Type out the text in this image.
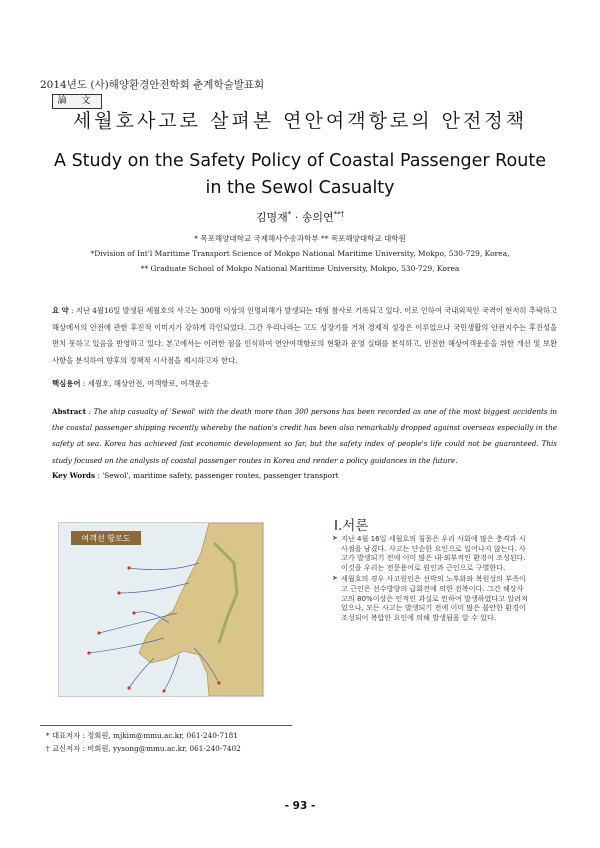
2014년도 (사)해양환경안전학회 춘계학술발표회
論 文
세월호사고로 살펴본 연안여객항로의 안전정책
A Study on the Safety Policy of Coastal Passenger Route
in the Sewol Casualty
김명재* · 송의연**†
* 목포해양대학교 국제해사수송과학부 ** 목포해양대학교 대학원
*Division of Int'l Maritime Transport Science of Mokpo National Maritime University, Mokpo, 530-729, Korea,
** Graduate School of Mokpo National Maritime University, Mokpo, 530-729, Korea
요 약 : 지난 4월16일 발생된 세월호의 사고는 300명 이상의 인명피해가 발생되는 대형 참사로 기록되고 있다. 이로 인하여 국내외적인 국격이 현저히 추락하고 해상에서의 안전에 관한 후진적 이미지가 강하게 각인되었다. 그간 우리나라는 고도 성장기를 거쳐 경제적 성장은 이루었으나 국민생활의 안전지수는 후진성을 면치 못하고 있음을 반영하고 있다. 본고에서는 이러한 점을 인식하여 연안여객항로의 현황과 운영 실태를 분석하고, 안전한 해상여객운송을 위한 개선 및 보완 사항을 분석하여 향후의 정책적 시사점을 제시하고자 한다.
핵심용어 : 세월호, 해상안전, 여객항로, 여객운송
Abstract : The ship casualty of 'Sewol' with the death more than 300 persons has been recorded as one of the most biggest accidents in the coastal passenger shipping recently whereby the nation's credit has been also remarkably dropped against overseas especially in the safety at sea. Korea has achieved fast economic development so far, but the safety index of people's life could not be guaranteed. This study focused on the analysis of coastal passenger routes in Korea and render a policy guidances in the future.
Key Words : 'Sewol', maritime safety, passenger routes, passenger transport
여객선 항로도
Ⅰ.서론
➤ 지난 4월 16일 세월호의 침몰은 우리 사회에 많은 충격과 시사점을 남겼다. 사고는 단순한 요인으로 일어나지 않는다. 사고가 발생되기 전에 이미 많은 내·외부적인 환경이 조성된다. 이것을 우리는 전문용어로 원인과 근인으로 구별한다.
➤ 세월호의 경우 사고원인은 선박의 노후화와 복원성의 부족이고 근인은 선수방향의 급회전에 의한 전복이다. 그간 해상사고의 80%이상은 인적인 과실로 인하여 발생하였다고 알려져 있으나, 모든 사고는 발생되기 전에 이미 많은 불안한 환경이 조성되어 복합한 요인에 의해 발생됨을 알 수 있다.
* 대표저자 : 정회원, mjkim@mmu.ac.kr, 061-240-7181
† 교신저자 : 비회원, yysong@mmu.ac.kr, 061-240-7402
- 93 -
